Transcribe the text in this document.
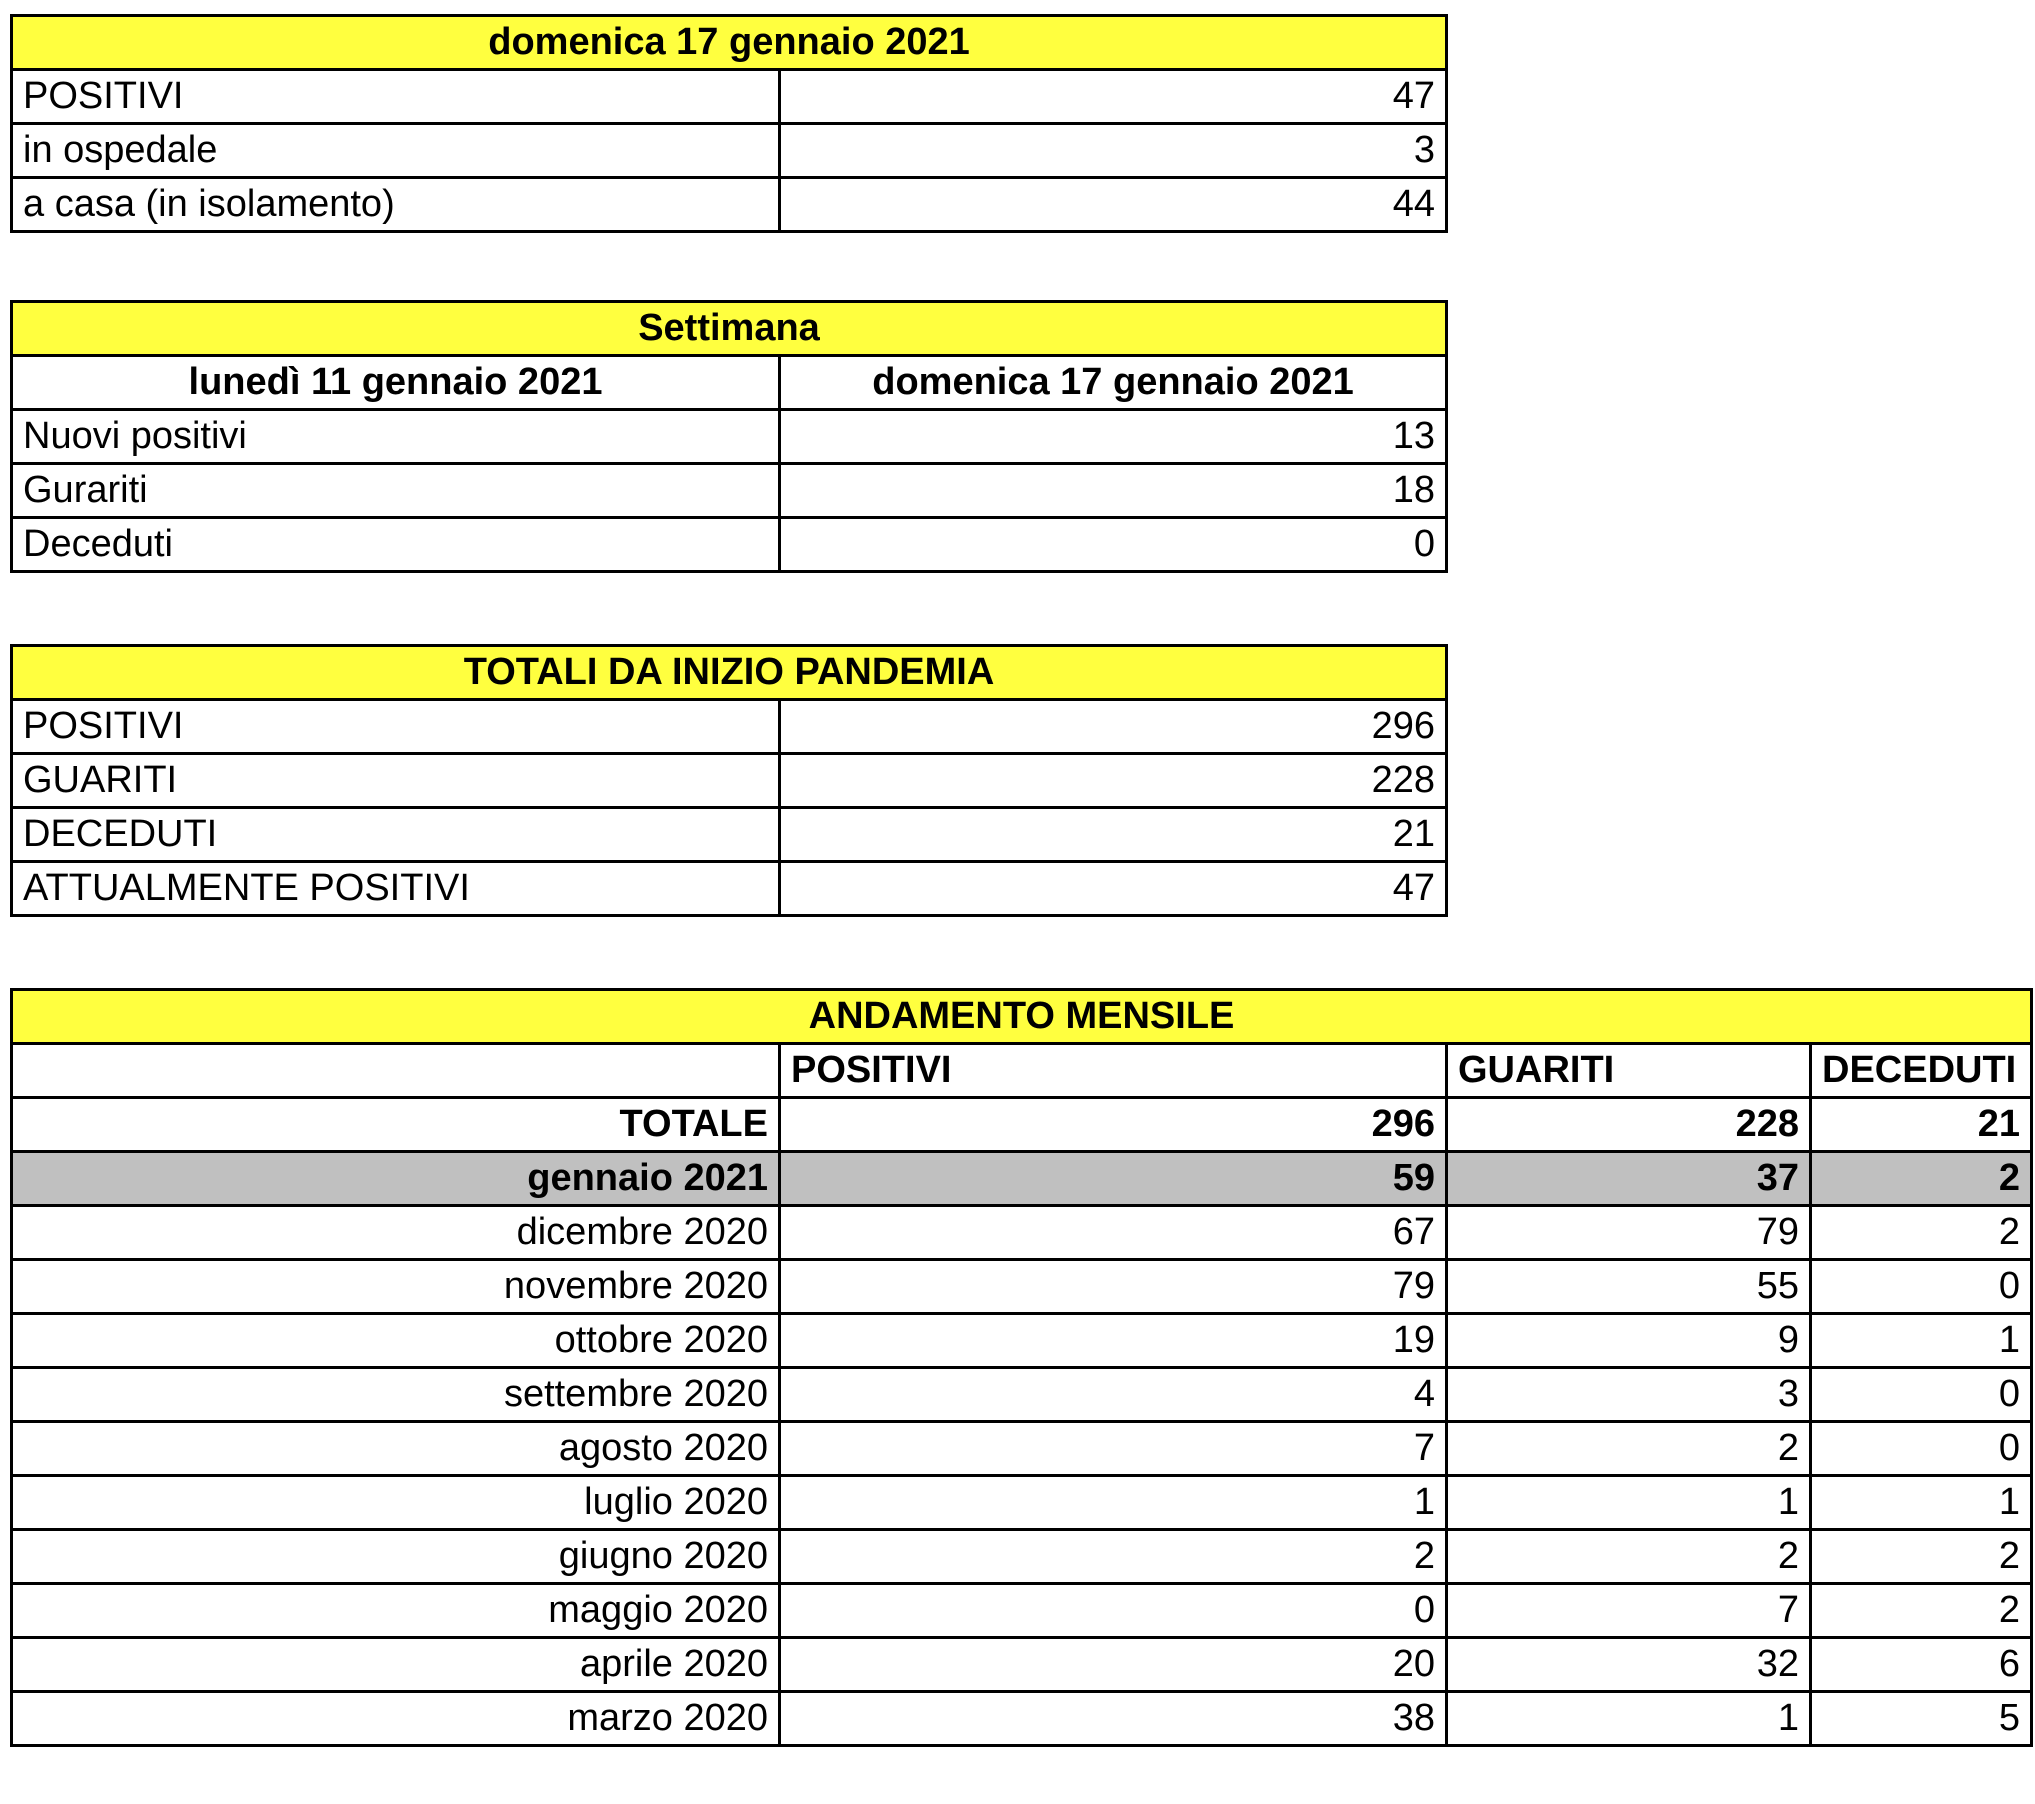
domenica 17 gennaio 2021	
POSITIVI	47
in ospedale	3
a casa (in isolamento)	44
Settimana	
lunedì 11 gennaio 2021	domenica 17 gennaio 2021
Nuovi positivi	13
Gurariti	18
Deceduti	0
TOTALI DA INIZIO PANDEMIA	
POSITIVI	296
GUARITI	228
DECEDUTI	21
ATTUALMENTE POSITIVI	47
ANDAMENTO MENSILE			
	POSITIVI	GUARITI	DECEDUTI
TOTALE	296	228	21
gennaio 2021	59	37	2
dicembre 2020	67	79	2
novembre 2020	79	55	0
ottobre 2020	19	9	1
settembre 2020	4	3	0
agosto 2020	7	2	0
luglio 2020	1	1	1
giugno 2020	2	2	2
maggio 2020	0	7	2
aprile 2020	20	32	6
marzo 2020	38	1	5
